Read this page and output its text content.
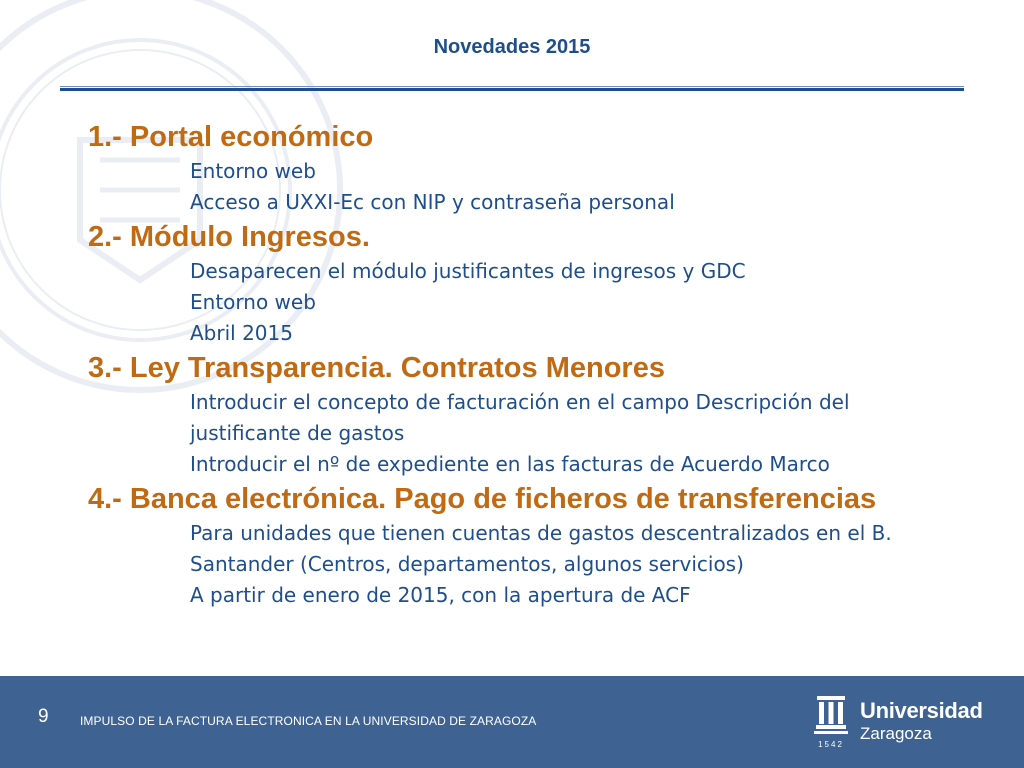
Novedades 2015

1.- Portal económico

Entorno web

Acceso a UXXI-Ec con NIP y contraseña personal

2.- Módulo Ingresos.

Desaparecen el módulo justificantes de ingresos y GDC

Entorno web

Abril 2015

3.- Ley Transparencia. Contratos Menores

Introducir el concepto de facturación en el campo Descripción del

justificante de gastos

Introducir el nº de expediente en las facturas de Acuerdo Marco

4.- Banca electrónica. Pago de ficheros de transferencias

Para unidades que tienen cuentas de gastos descentralizados en el B.

Santander (Centros, departamentos, algunos servicios)

A partir de enero de 2015, con la apertura de ACF

9	IMPULSO DE LA FACTURA ELECTRONICA EN LA UNIVERSIDAD DE ZARAGOZA
1542
Universidad
Zaragoza
